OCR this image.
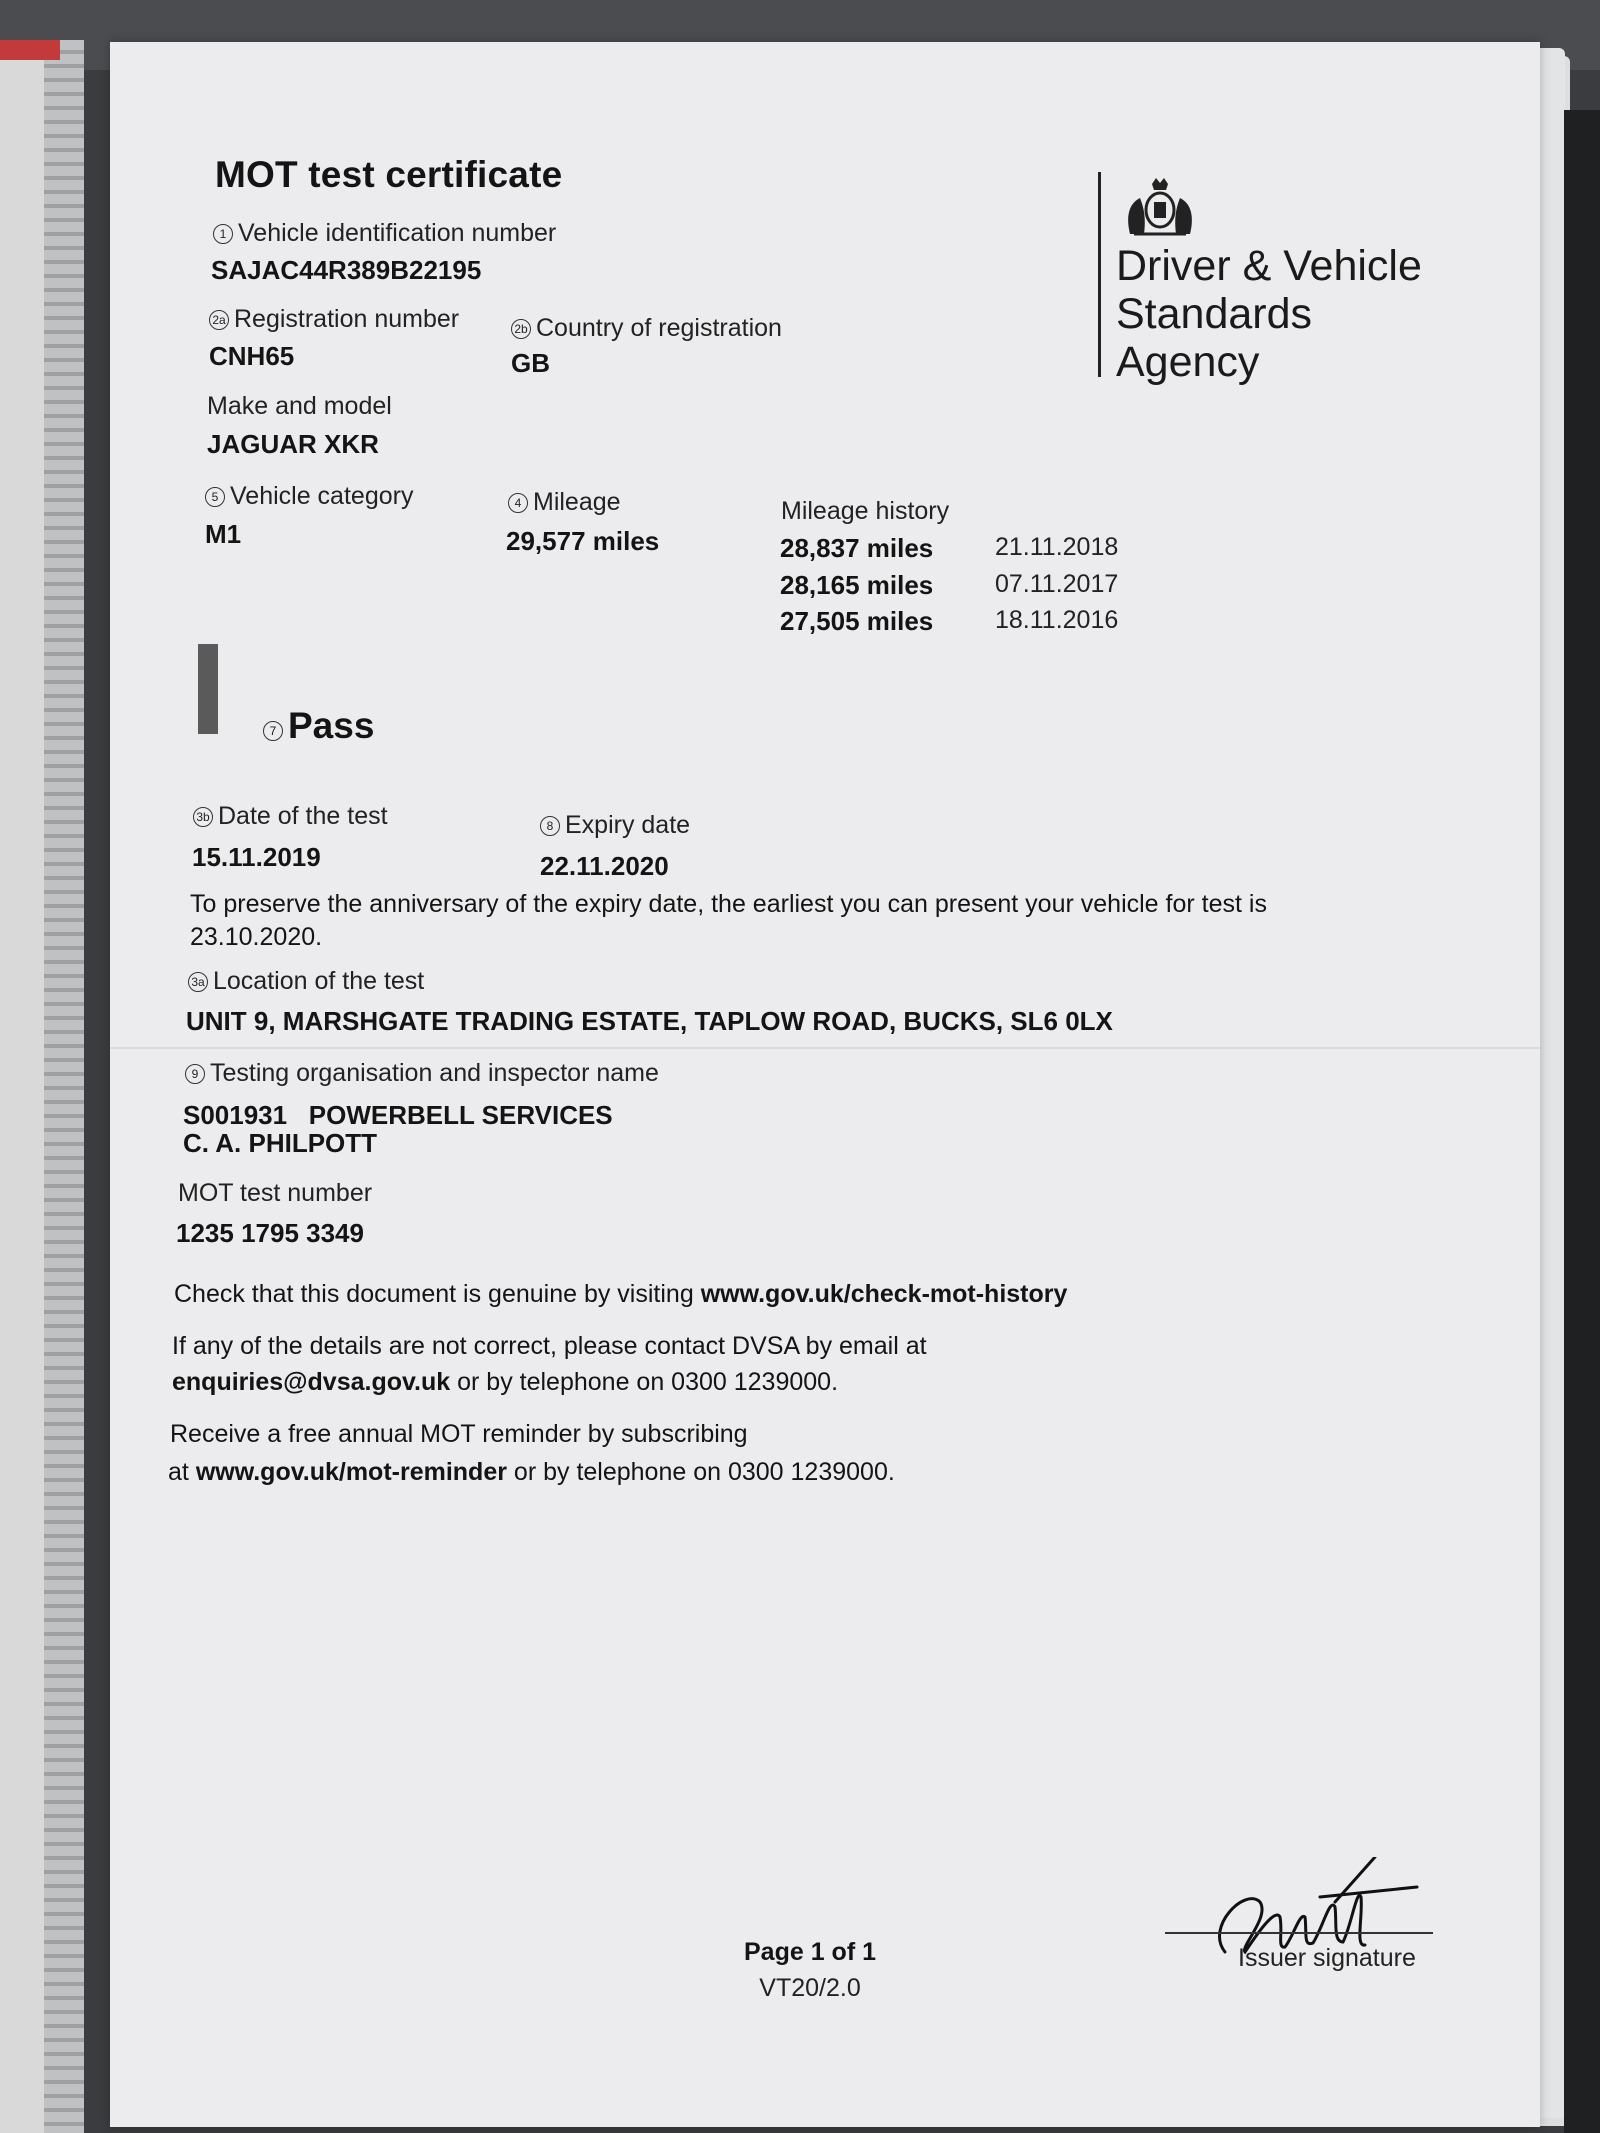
MOT test certificate
Driver & Vehicle
Standards
Agency
1 Vehicle identification number
SAJAC44R389B22195
2a Registration number
CNH65
2b Country of registration
GB
Make and model
JAGUAR XKR
5 Vehicle category
M1
4 Mileage
29,577 miles
Mileage history
28,837 miles 21.11.2018
28,165 miles 07.11.2017
27,505 miles 18.11.2016
7 Pass
3b Date of the test
15.11.2019
8 Expiry date
22.11.2020
To preserve the anniversary of the expiry date, the earliest you can present your vehicle for test is
23.10.2020.
3a Location of the test
UNIT 9, MARSHGATE TRADING ESTATE, TAPLOW ROAD, BUCKS, SL6 0LX
9 Testing organisation and inspector name
S001931   POWERBELL SERVICES
C. A. PHILPOTT
MOT test number
1235 1795 3349
Check that this document is genuine by visiting www.gov.uk/check-mot-history
If any of the details are not correct, please contact DVSA by email at
enquiries@dvsa.gov.uk or by telephone on 0300 1239000.
Receive a free annual MOT reminder by subscribing
at www.gov.uk/mot-reminder or by telephone on 0300 1239000.
Issuer signature
Page 1 of 1
VT20/2.0
